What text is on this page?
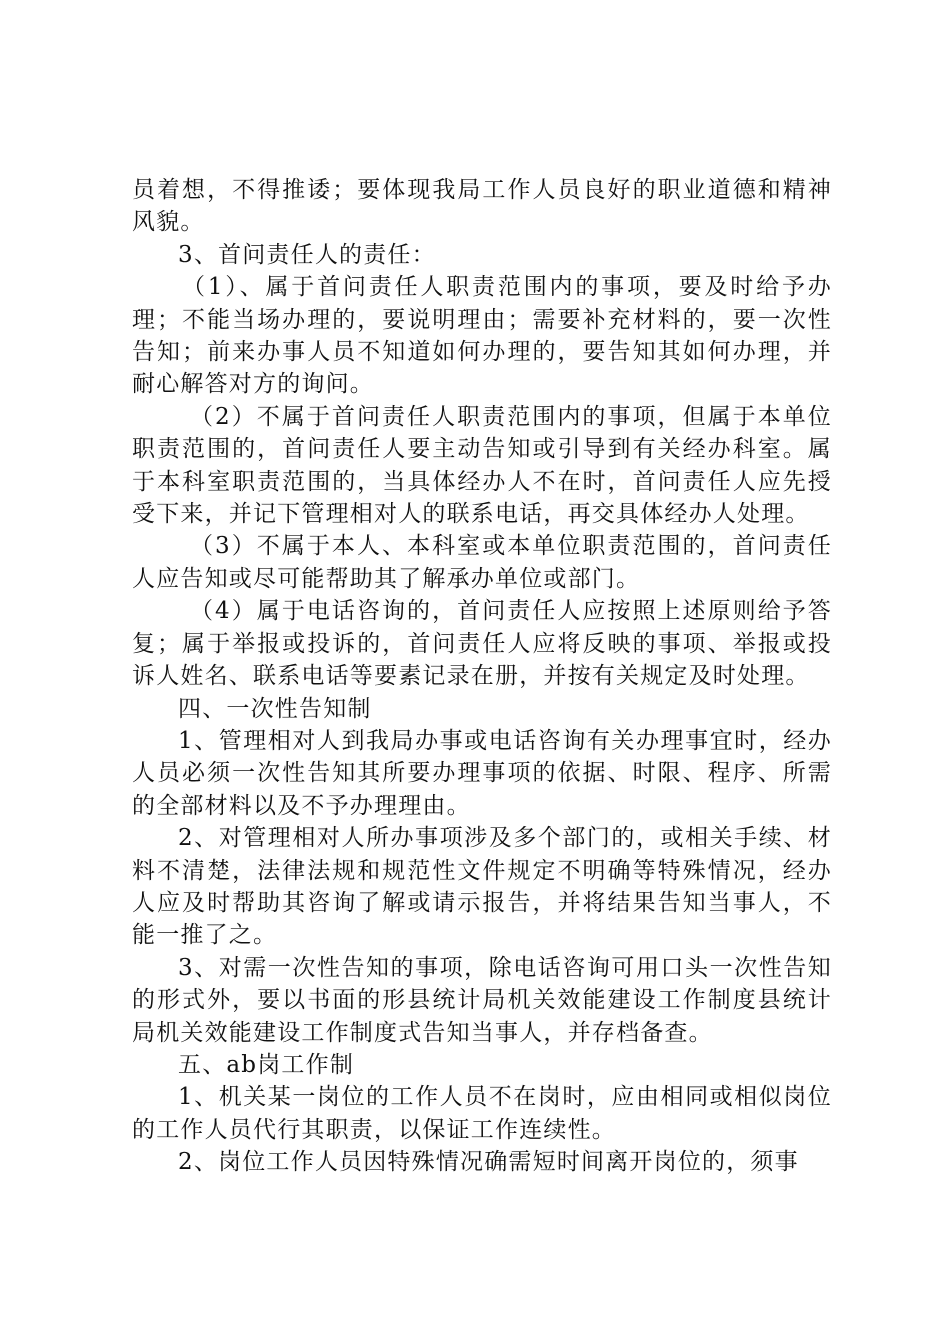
员着想，不得推诿；要体现我局工作人员良好的职业道德和精神风貌。

3、首问责任人的责任：

（1）、属于首问责任人职责范围内的事项，要及时给予办理；不能当场办理的，要说明理由；需要补充材料的，要一次性告知；前来办事人员不知道如何办理的，要告知其如何办理，并耐心解答对方的询问。

（2）不属于首问责任人职责范围内的事项，但属于本单位职责范围的，首问责任人要主动告知或引导到有关经办科室。属于本科室职责范围的，当具体经办人不在时，首问责任人应先授受下来，并记下管理相对人的联系电话，再交具体经办人处理。

（3）不属于本人、本科室或本单位职责范围的，首问责任人应告知或尽可能帮助其了解承办单位或部门。

（4）属于电话咨询的，首问责任人应按照上述原则给予答复；属于举报或投诉的，首问责任人应将反映的事项、举报或投诉人姓名、联系电话等要素记录在册，并按有关规定及时处理。

四、一次性告知制

1、管理相对人到我局办事或电话咨询有关办理事宜时，经办人员必须一次性告知其所要办理事项的依据、时限、程序、所需的全部材料以及不予办理理由。

2、对管理相对人所办事项涉及多个部门的，或相关手续、材料不清楚，法律法规和规范性文件规定不明确等特殊情况，经办人应及时帮助其咨询了解或请示报告，并将结果告知当事人，不能一推了之。

3、对需一次性告知的事项，除电话咨询可用口头一次性告知的形式外，要以书面的形县统计局机关效能建设工作制度县统计局机关效能建设工作制度式告知当事人，并存档备查。

五、ab岗工作制

1、机关某一岗位的工作人员不在岗时，应由相同或相似岗位的工作人员代行其职责，以保证工作连续性。

2、岗位工作人员因特殊情况确需短时间离开岗位的，须事
